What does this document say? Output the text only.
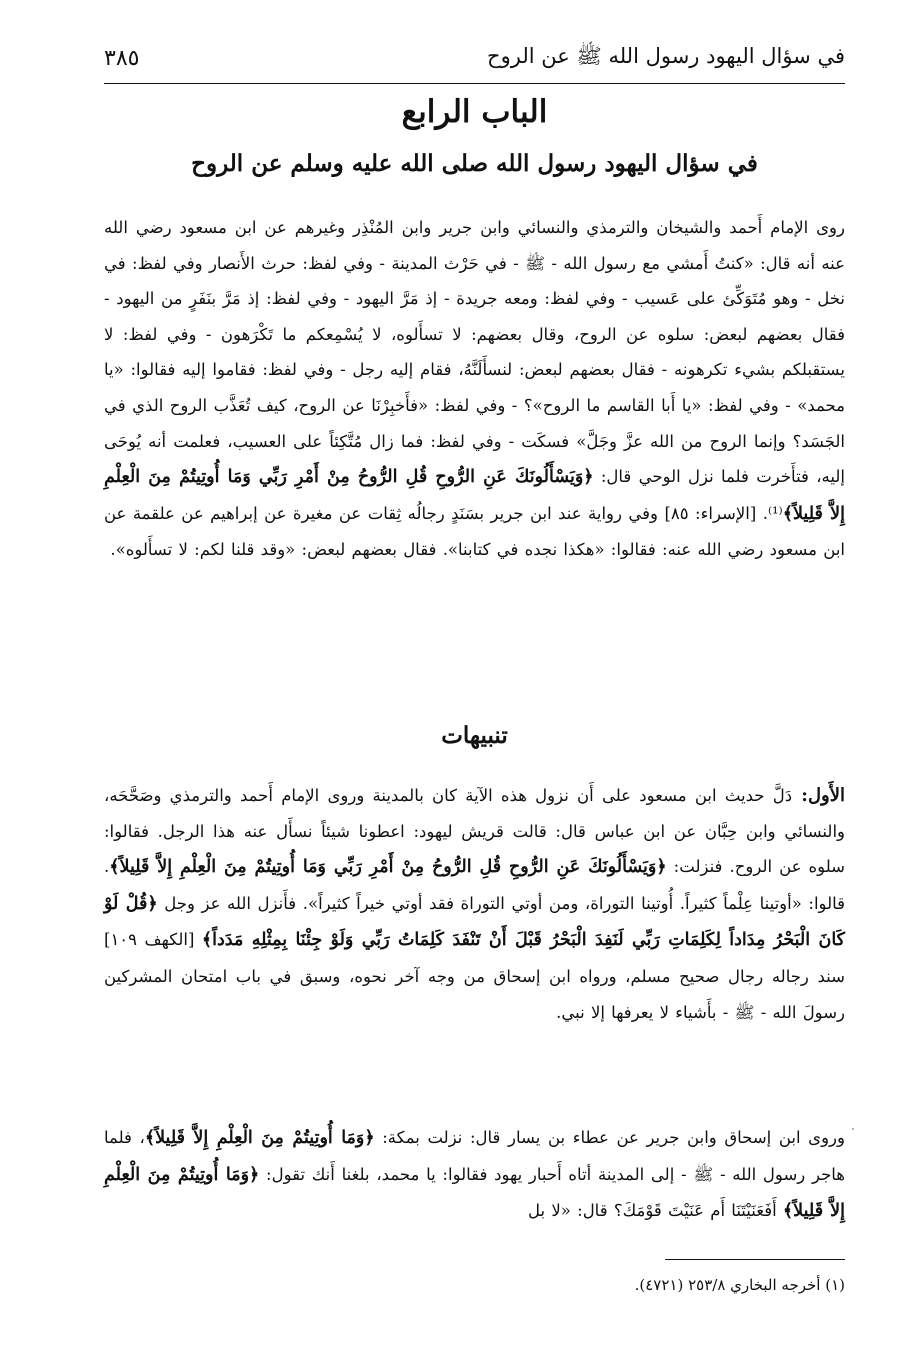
في سؤال اليهود رسول الله ﷺ عن الروح
٣٨٥
الباب الرابع
في سؤال اليهود رسول الله صلى الله عليه وسلم عن الروح
روى الإمام أَحمد والشيخان والترمذي والنسائي وابن جرير وابن المُنْذِر وغيرهم عن ابن مسعود رضي الله عنه أنه قال: «كنتُ أَمشي مع رسول الله - ﷺ - في حَرْث المدينة - وفي لفظ: حرث الأَنصار وفي لفظ: في نخل - وهو مُتَوَكِّئ على عَسيب - وفي لفظ: ومعه جريدة - إذ مَرَّ اليهود - وفي لفظ: إذ مَرَّ بنَفَرٍ من اليهود - فقال بعضهم لبعض: سلوه عن الروح، وقال بعضهم: لا تسأَلوه، لا يُسْمِعكم ما تَكْرَهون - وفي لفظ: لا يستقبلكم بشيء تكرهونه - فقال بعضهم لبعض: لنسأَلَنَّهُ، فقام إليه رجل - وفي لفظ: فقاموا إليه فقالوا: «يا محمد» - وفي لفظ: «يا أَبا القاسم ما الروح»؟ - وفي لفظ: «فأَخبِرْنَا عن الروح، كيف تُعَذَّب الروح الذي في الجَسَد؟ وإنما الروح من الله عزَّ وجَلَّ» فسكَت - وفي لفظ: فما زال مُتَّكِئاً على العسيب، فعلمت أنه يُوحَى إليه، فتأَخرت فلما نزل الوحي قال: ﴿وَيَسْأَلُونَكَ عَنِ الرُّوحِ قُلِ الرُّوحُ مِنْ أَمْرِ رَبِّي وَمَا أُوتِيتُمْ مِنَ الْعِلْمِ إِلاَّ قَلِيلاً﴾⁽¹⁾. [الإسراء: ٨٥] وفي رواية عند ابن جرير بسَنَدٍ رجالُه ثِقات عن مغيرة عن إبراهيم عن علقمة عن ابن مسعود رضي الله عنه: فقالوا: «هكذا نجده في كتابنا». فقال بعضهم لبعض: «وقد قلنا لكم: لا تسأَلوه».
تنبيهات
الأَول: دَلَّ حديث ابن مسعود على أَن نزول هذه الآية كان بالمدينة وروى الإمام أَحمد والترمذي وصَحَّحَه، والنسائي وابن حِبَّان عن ابن عباس قال: قالت قريش ليهود: اعطونا شيئاً نسأَل عنه هذا الرجل. فقالوا: سلوه عن الروح. فنزلت: ﴿وَيَسْأَلُونَكَ عَنِ الرُّوحِ قُلِ الرُّوحُ مِنْ أَمْرِ رَبِّي وَمَا أُوتِيتُمْ مِنَ الْعِلْمِ إِلاَّ قَلِيلاً﴾. قالوا: «أوتينا عِلْماً كثيراً. أُوتينا التوراة، ومن أوتي التوراة فقد أوتي خيراً كثيراً». فأَنزل الله عز وجل ﴿قُلْ لَوْ كَانَ الْبَحْرُ مِدَاداً لِكَلِمَاتِ رَبِّي لَنَفِدَ الْبَحْرُ قَبْلَ أَنْ تَنْفَدَ كَلِمَاتُ رَبِّي وَلَوْ جِئْنَا بِمِثْلِهِ مَدَداً﴾ [الكهف ١٠٩] سند رجاله رجال صحيح مسلم، ورواه ابن إسحاق من وجه آخر نحوه، وسبق في باب امتحان المشركين رسولَ الله - ﷺ - بأَشياء لا يعرفها إلا نبي.
وروى ابن إسحاق وابن جرير عن عطاء بن يسار قال: نزلت بمكة: ﴿وَمَا أُوتِيتُمْ مِنَ الْعِلْمِ إِلاَّ قَلِيلاً﴾، فلما هاجر رسول الله - ﷺ - إلى المدينة أتاه أَحبار يهود فقالوا: يا محمد، بلغنا أَنك تقول: ﴿وَمَا أُوتِيتُمْ مِنَ الْعِلْمِ إِلاَّ قَلِيلاً﴾ أَفَعَنَيْتَنَا أَم عَنَيْتَ قَوْمَكَ؟ قال: «لا بل
(١) أخرجه البخاري ٢٥٣/٨ (٤٧٢١).
